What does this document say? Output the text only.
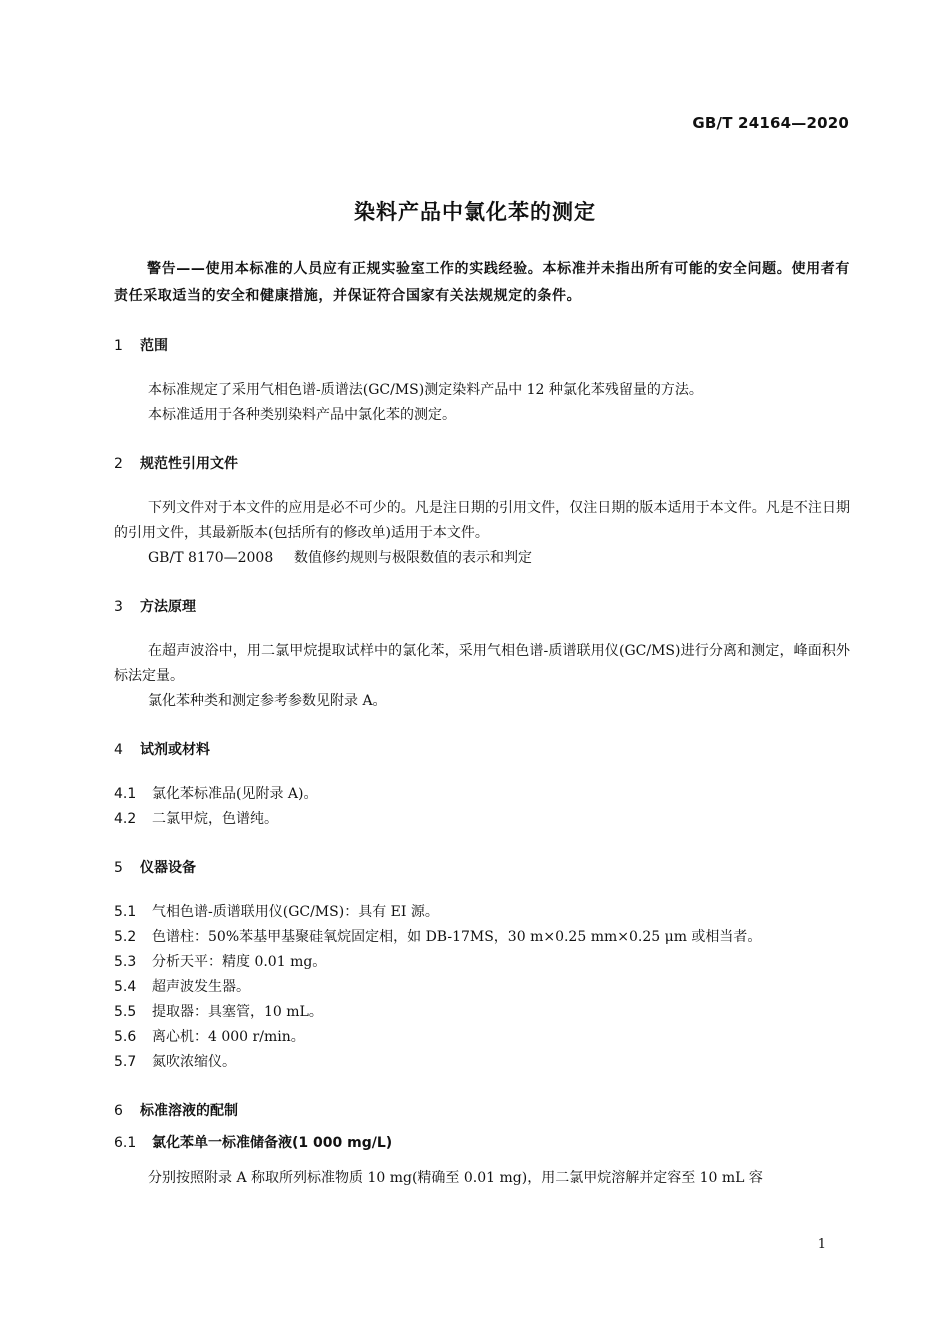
GB/T 24164—2020
染料产品中氯化苯的测定

警告——使用本标准的人员应有正规实验室工作的实践经验。本标准并未指出所有可能的安全问题。使用者有责任采取适当的安全和健康措施，并保证符合国家有关法规规定的条件。

1 范围

本标准规定了采用气相色谱-质谱法(GC/MS)测定染料产品中 12 种氯化苯残留量的方法。

本标准适用于各种类别染料产品中氯化苯的测定。

2 规范性引用文件

下列文件对于本文件的应用是必不可少的。凡是注日期的引用文件，仅注日期的版本适用于本文件。凡是不注日期的引用文件，其最新版本(包括所有的修改单)适用于本文件。

GB/T 8170—2008 数值修约规则与极限数值的表示和判定

3 方法原理

在超声波浴中，用二氯甲烷提取试样中的氯化苯，采用气相色谱-质谱联用仪(GC/MS)进行分离和测定，峰面积外标法定量。

氯化苯种类和测定参考参数见附录 A。

4 试剂或材料

4.1 氯化苯标准品(见附录 A)。

4.2 二氯甲烷，色谱纯。

5 仪器设备

5.1 气相色谱-质谱联用仪(GC/MS)：具有 EI 源。

5.2 色谱柱：50%苯基甲基聚硅氧烷固定相，如 DB-17MS，30 m×0.25 mm×0.25 μm 或相当者。

5.3 分析天平：精度 0.01 mg。

5.4 超声波发生器。

5.5 提取器：具塞管，10 mL。

5.6 离心机：4 000 r/min。

5.7 氮吹浓缩仪。

6 标准溶液的配制

6.1 氯化苯单一标准储备液(1 000 mg/L)

分别按照附录 A 称取所列标准物质 10 mg(精确至 0.01 mg)，用二氯甲烷溶解并定容至 10 mL 容

1
